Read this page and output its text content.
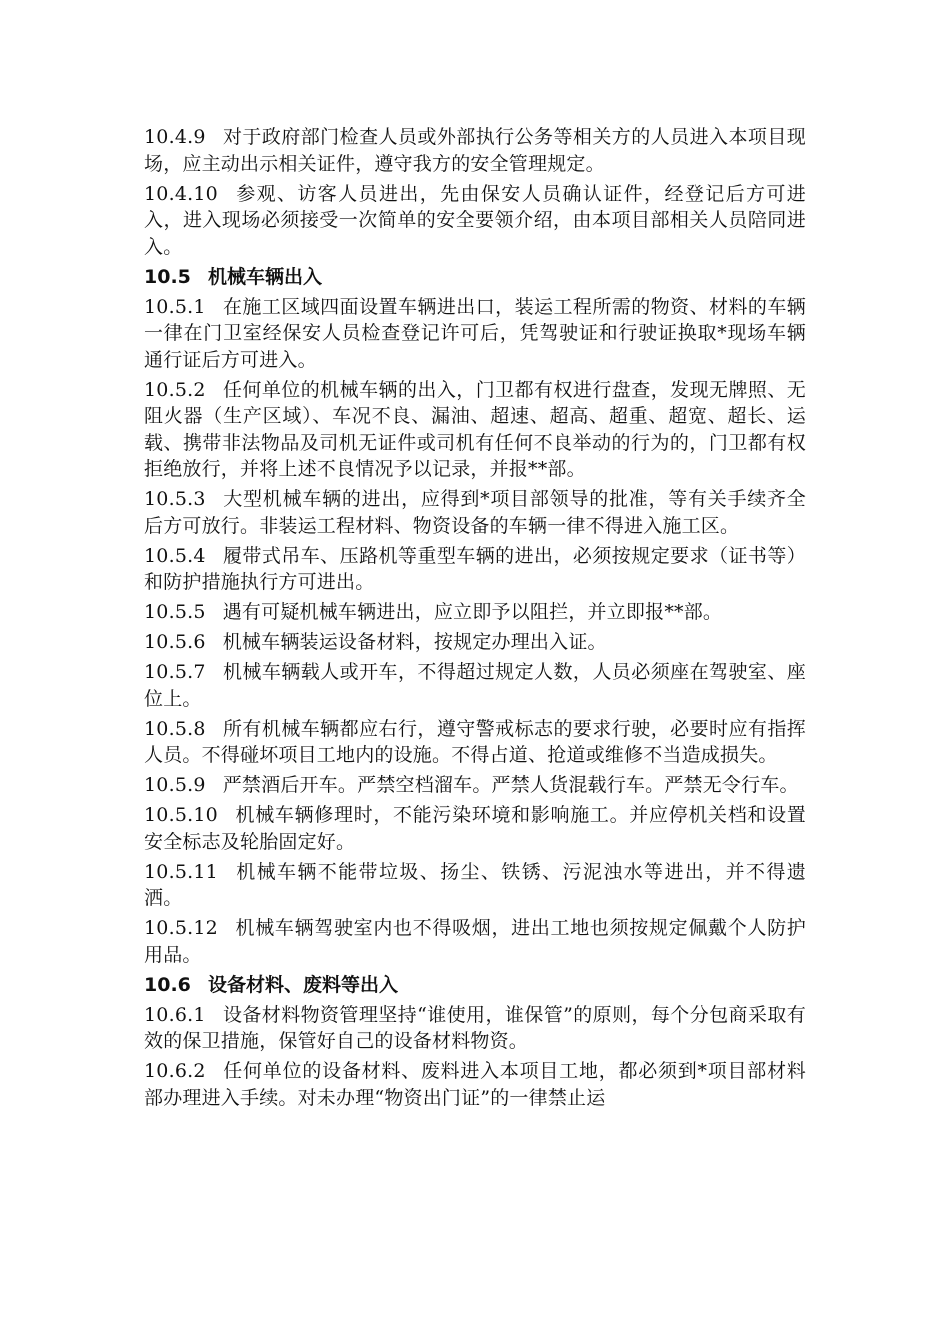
10.4.9 对于政府部门检查人员或外部执行公务等相关方的人员进入本项目现场，应主动出示相关证件，遵守我方的安全管理规定。

10.4.10 参观、访客人员进出，先由保安人员确认证件，经登记后方可进入，进入现场必须接受一次简单的安全要领介绍，由本项目部相关人员陪同进入。

10.5 机械车辆出入

10.5.1 在施工区域四面设置车辆进出口，装运工程所需的物资、材料的车辆一律在门卫室经保安人员检查登记许可后，凭驾驶证和行驶证换取*现场车辆通行证后方可进入。

10.5.2 任何单位的机械车辆的出入，门卫都有权进行盘查，发现无牌照、无阻火器（生产区域）、车况不良、漏油、超速、超高、超重、超宽、超长、运载、携带非法物品及司机无证件或司机有任何不良举动的行为的，门卫都有权拒绝放行，并将上述不良情况予以记录，并报**部。

10.5.3 大型机械车辆的进出，应得到*项目部领导的批准，等有关手续齐全后方可放行。非装运工程材料、物资设备的车辆一律不得进入施工区。

10.5.4 履带式吊车、压路机等重型车辆的进出，必须按规定要求（证书等）和防护措施执行方可进出。

10.5.5 遇有可疑机械车辆进出，应立即予以阻拦，并立即报**部。

10.5.6 机械车辆装运设备材料，按规定办理出入证。

10.5.7 机械车辆载人或开车，不得超过规定人数，人员必须座在驾驶室、座位上。

10.5.8 所有机械车辆都应右行，遵守警戒标志的要求行驶，必要时应有指挥人员。不得碰坏项目工地内的设施。不得占道、抢道或维修不当造成损失。

10.5.9 严禁酒后开车。严禁空档溜车。严禁人货混载行车。严禁无令行车。

10.5.10 机械车辆修理时，不能污染环境和影响施工。并应停机关档和设置安全标志及轮胎固定好。

10.5.11 机械车辆不能带垃圾、扬尘、铁锈、污泥浊水等进出，并不得遗洒。

10.5.12 机械车辆驾驶室内也不得吸烟，进出工地也须按规定佩戴个人防护用品。

10.6 设备材料、废料等出入

10.6.1 设备材料物资管理坚持“谁使用，谁保管”的原则，每个分包商采取有效的保卫措施，保管好自己的设备材料物资。

10.6.2 任何单位的设备材料、废料进入本项目工地，都必须到*项目部材料部办理进入手续。对未办理“物资出门证”的一律禁止运
